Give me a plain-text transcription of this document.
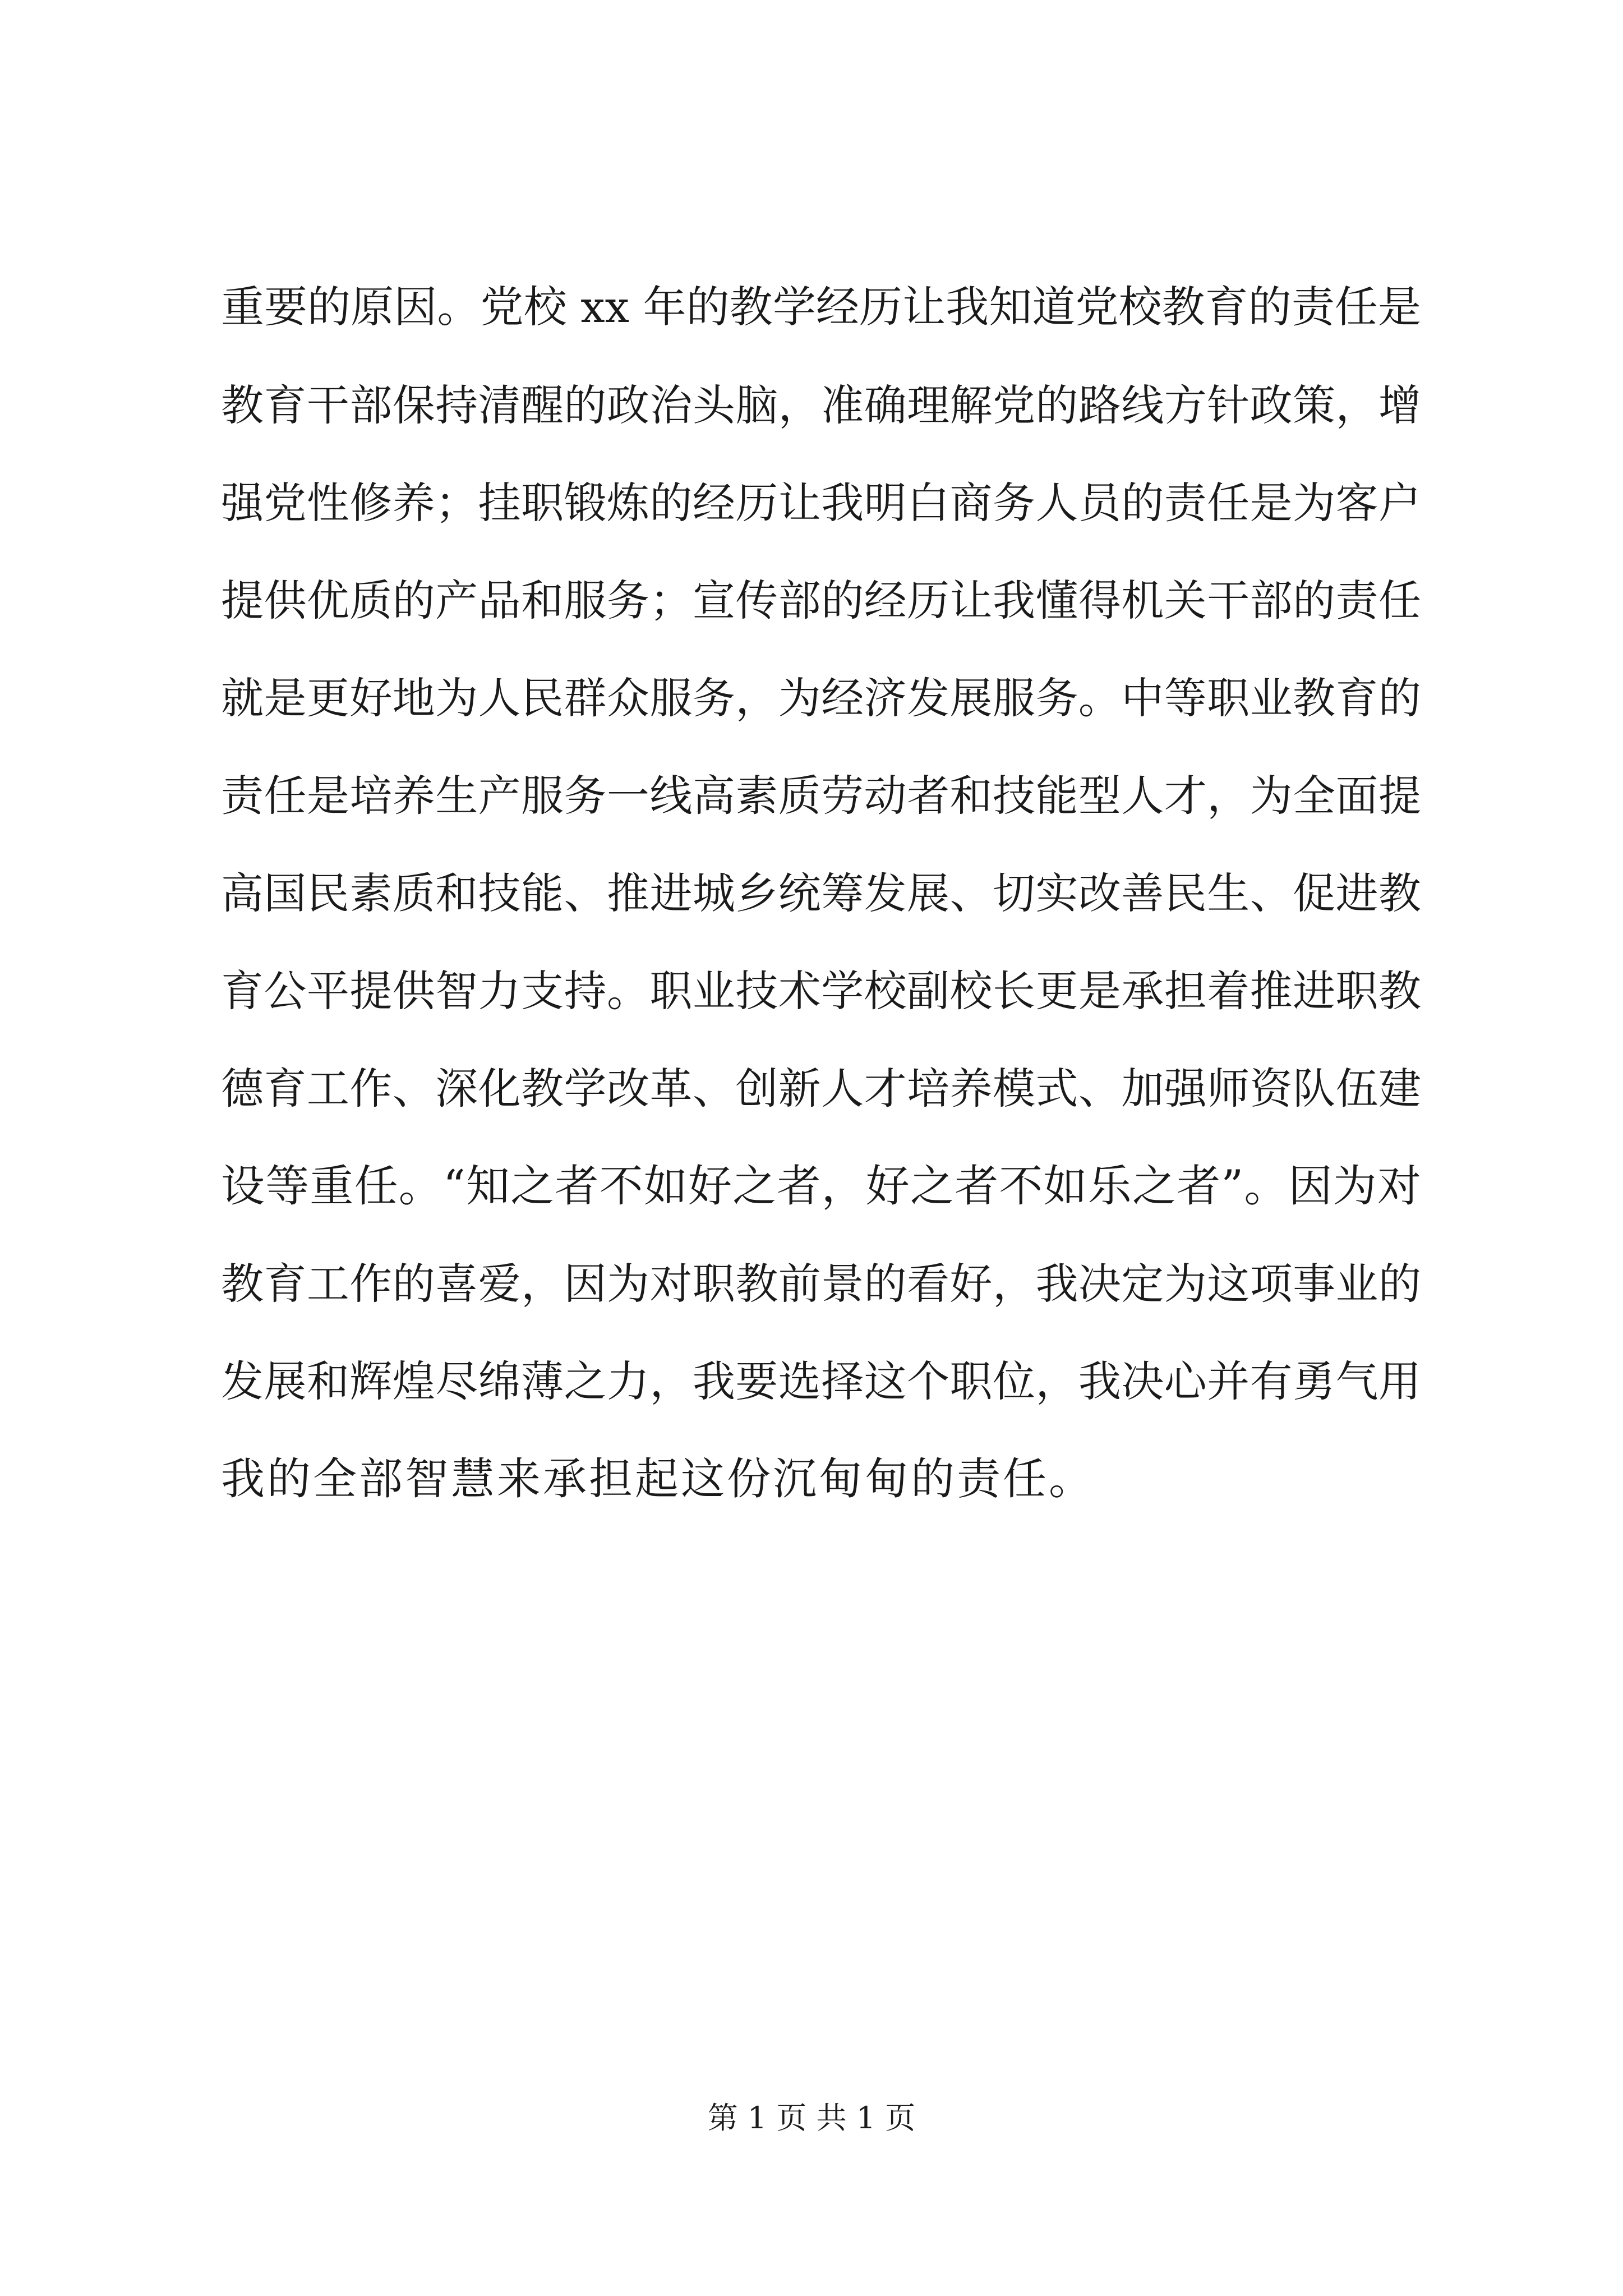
重要的原因。党校 xx 年的教学经历让我知道党校教育的责任是
教育干部保持清醒的政治头脑，准确理解党的路线方针政策，增
强党性修养；挂职锻炼的经历让我明白商务人员的责任是为客户
提供优质的产品和服务；宣传部的经历让我懂得机关干部的责任
就是更好地为人民群众服务，为经济发展服务。中等职业教育的
责任是培养生产服务一线高素质劳动者和技能型人才，为全面提
高国民素质和技能、推进城乡统筹发展、切实改善民生、促进教
育公平提供智力支持。职业技术学校副校长更是承担着推进职教
德育工作、深化教学改革、创新人才培养模式、加强师资队伍建
设等重任。“知之者不如好之者，好之者不如乐之者”。因为对
教育工作的喜爱，因为对职教前景的看好，我决定为这项事业的
发展和辉煌尽绵薄之力，我要选择这个职位，我决心并有勇气用
我的全部智慧来承担起这份沉甸甸的责任。
第 1 页 共 1 页
